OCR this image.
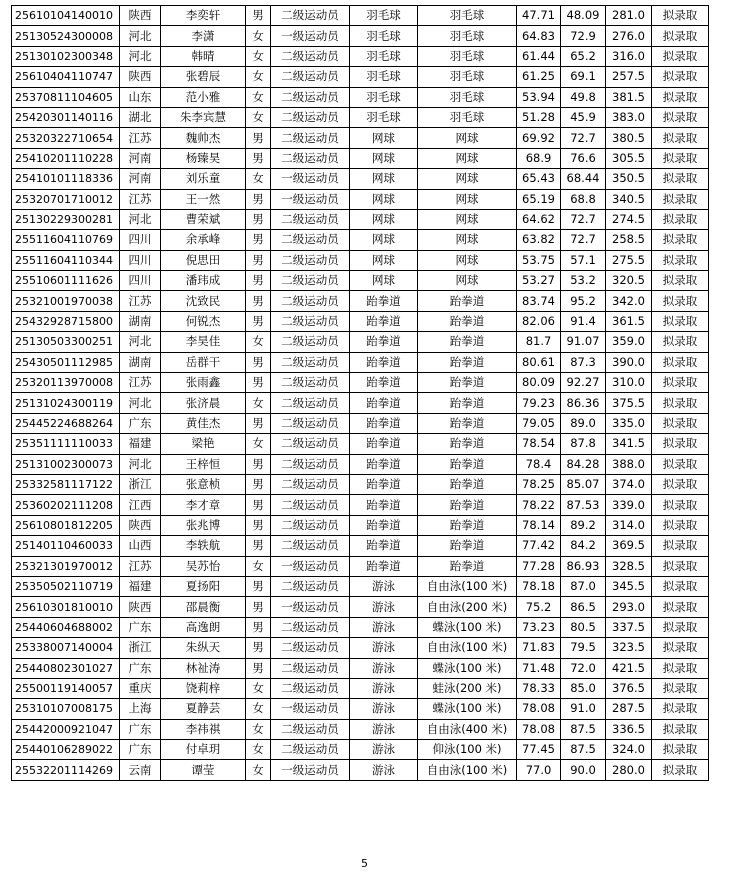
25610104140010	陕西	李奕轩	男	二级运动员	羽毛球	羽毛球	47.71	48.09	281.0	拟录取
25130524300008	河北	李潇	女	一级运动员	羽毛球	羽毛球	64.83	72.9	276.0	拟录取
25130102300348	河北	韩晴	女	二级运动员	羽毛球	羽毛球	61.44	65.2	316.0	拟录取
25610404110747	陕西	张碧辰	女	二级运动员	羽毛球	羽毛球	61.25	69.1	257.5	拟录取
25370811104605	山东	范小雅	女	二级运动员	羽毛球	羽毛球	53.94	49.8	381.5	拟录取
25420301140116	湖北	朱李宾慧	女	二级运动员	羽毛球	羽毛球	51.28	45.9	383.0	拟录取
25320322710654	江苏	魏帅杰	男	二级运动员	网球	网球	69.92	72.7	380.5	拟录取
25410201110228	河南	杨臻昊	男	二级运动员	网球	网球	68.9	76.6	305.5	拟录取
25410101118336	河南	刘乐童	女	一级运动员	网球	网球	65.43	68.44	350.5	拟录取
25320701710012	江苏	王一然	男	一级运动员	网球	网球	65.19	68.8	340.5	拟录取
25130229300281	河北	曹荣斌	男	二级运动员	网球	网球	64.62	72.7	274.5	拟录取
25511604110769	四川	余承峰	男	二级运动员	网球	网球	63.82	72.7	258.5	拟录取
25511604110344	四川	倪思田	男	二级运动员	网球	网球	53.75	57.1	275.5	拟录取
25510601111626	四川	潘玮成	男	二级运动员	网球	网球	53.27	53.2	320.5	拟录取
25321001970038	江苏	沈致民	男	二级运动员	跆拳道	跆拳道	83.74	95.2	342.0	拟录取
25432928715800	湖南	何锐杰	男	二级运动员	跆拳道	跆拳道	82.06	91.4	361.5	拟录取
25130503300251	河北	李昊佳	女	二级运动员	跆拳道	跆拳道	81.7	91.07	359.0	拟录取
25430501112985	湖南	岳群干	男	二级运动员	跆拳道	跆拳道	80.61	87.3	390.0	拟录取
25320113970008	江苏	张雨鑫	男	二级运动员	跆拳道	跆拳道	80.09	92.27	310.0	拟录取
25131024300119	河北	张济晨	女	二级运动员	跆拳道	跆拳道	79.23	86.36	375.5	拟录取
25445224688264	广东	黄佳杰	男	二级运动员	跆拳道	跆拳道	79.05	89.0	335.0	拟录取
25351111110033	福建	梁艳	女	二级运动员	跆拳道	跆拳道	78.54	87.8	341.5	拟录取
25131002300073	河北	王梓恒	男	二级运动员	跆拳道	跆拳道	78.4	84.28	388.0	拟录取
25332581117122	浙江	张意桢	男	二级运动员	跆拳道	跆拳道	78.25	85.07	374.0	拟录取
25360202111208	江西	李才章	男	二级运动员	跆拳道	跆拳道	78.22	87.53	339.0	拟录取
25610801812205	陕西	张兆博	男	二级运动员	跆拳道	跆拳道	78.14	89.2	314.0	拟录取
25140110460033	山西	李轶航	男	二级运动员	跆拳道	跆拳道	77.42	84.2	369.5	拟录取
25321301970012	江苏	吴苏怡	女	一级运动员	跆拳道	跆拳道	77.28	86.93	328.5	拟录取
25350502110719	福建	夏扬阳	男	二级运动员	游泳	自由泳(100 米)	78.18	87.0	345.5	拟录取
25610301810010	陕西	邵晨衡	男	一级运动员	游泳	自由泳(200 米)	75.2	86.5	293.0	拟录取
25440604688002	广东	高逸朗	男	二级运动员	游泳	蝶泳(100 米)	73.23	80.5	337.5	拟录取
25338007140004	浙江	朱纵天	男	二级运动员	游泳	自由泳(100 米)	71.83	79.5	323.5	拟录取
25440802301027	广东	林祉涛	男	二级运动员	游泳	蝶泳(100 米)	71.48	72.0	421.5	拟录取
25500119140057	重庆	饶莉梓	女	二级运动员	游泳	蛙泳(200 米)	78.33	85.0	376.5	拟录取
25310107008175	上海	夏静芸	女	一级运动员	游泳	蝶泳(100 米)	78.08	91.0	287.5	拟录取
25442000921047	广东	李祎祺	女	二级运动员	游泳	自由泳(400 米)	78.08	87.5	336.5	拟录取
25440106289022	广东	付卓玥	女	二级运动员	游泳	仰泳(100 米)	77.45	87.5	324.0	拟录取
25532201114269	云南	谭莹	女	一级运动员	游泳	自由泳(100 米)	77.0	90.0	280.0	拟录取
5
